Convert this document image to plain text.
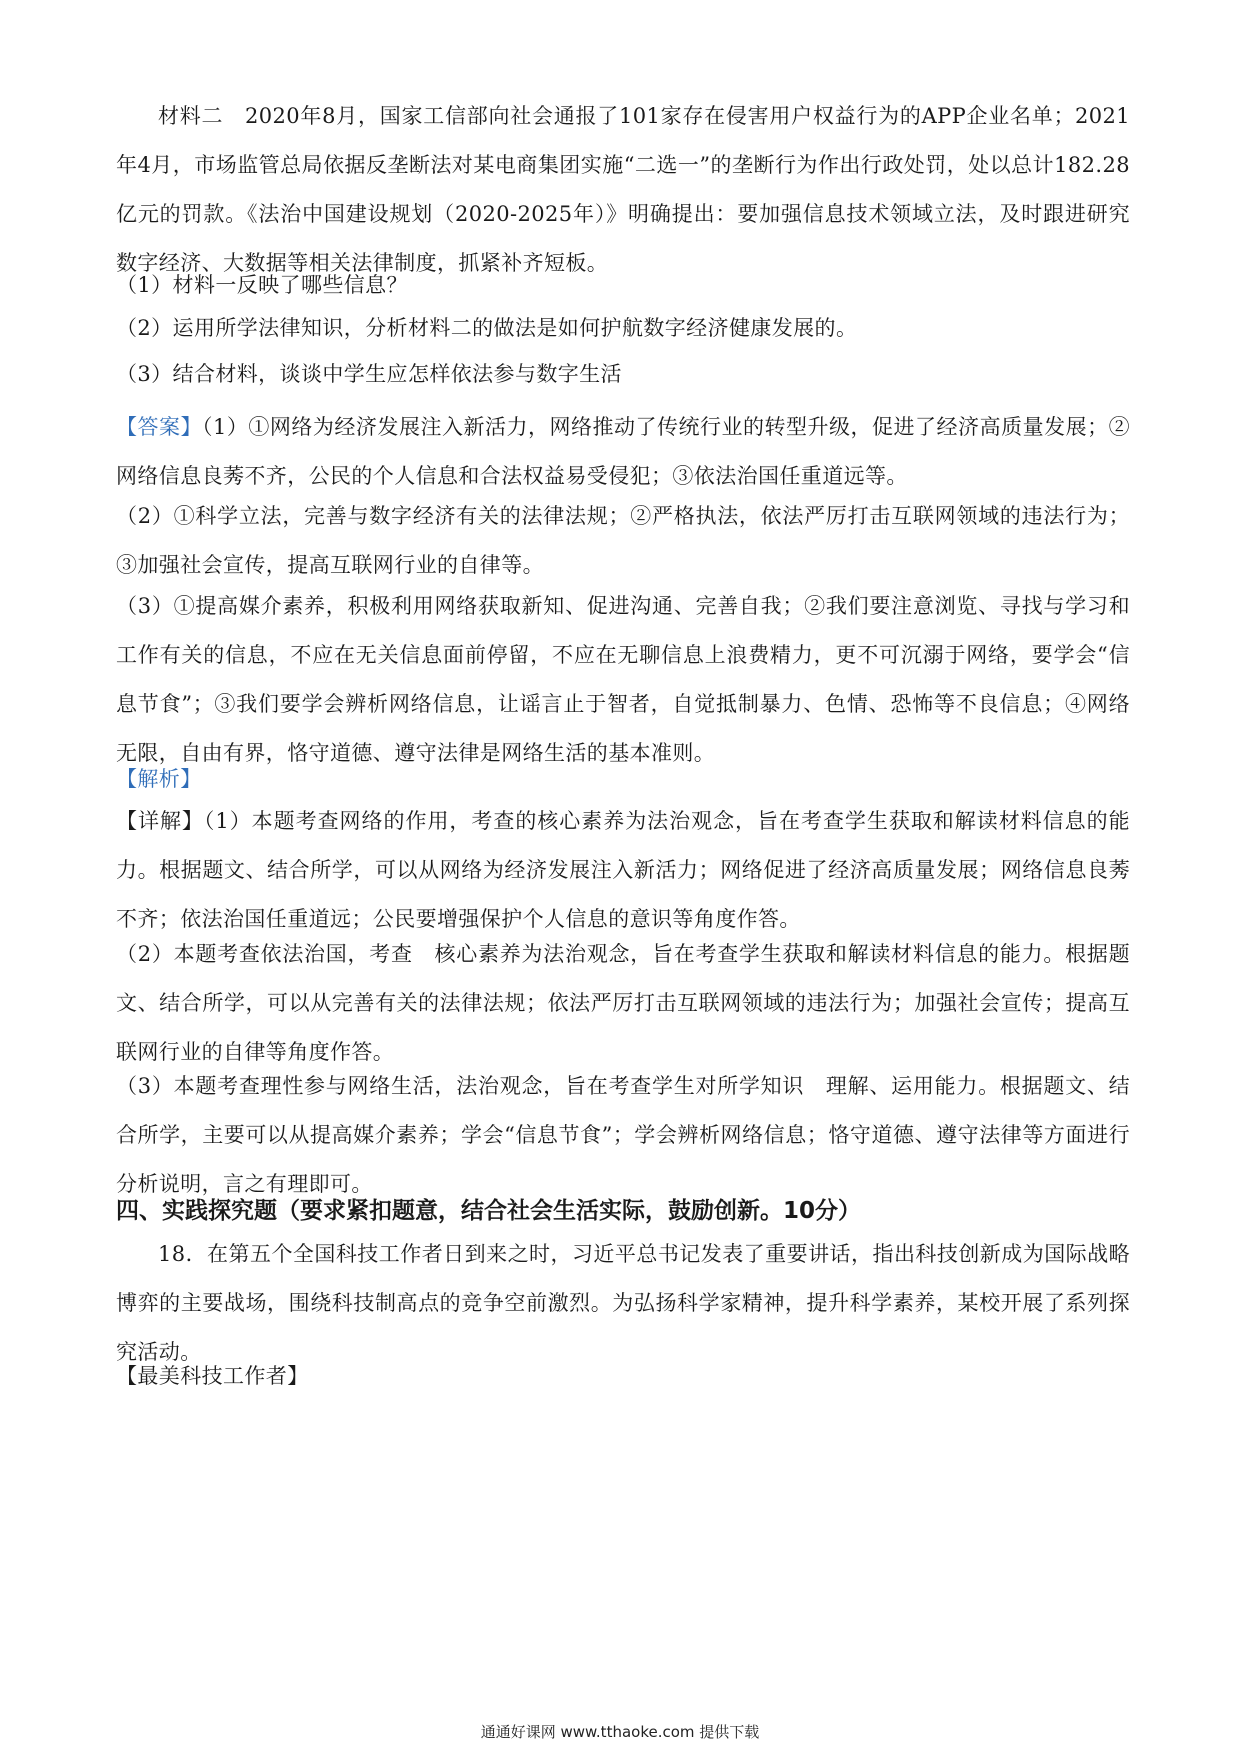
材料二　2020年8月，国家工信部向社会通报了101家存在侵害用户权益行为的APP企业名单；2021年4月，市场监管总局依据反垄断法对某电商集团实施“二选一”的垄断行为作出行政处罚，处以总计182.28亿元的罚款。《法治中国建设规划（2020-2025年）》明确提出：要加强信息技术领域立法，及时跟进研究数字经济、大数据等相关法律制度，抓紧补齐短板。

（1）材料一反映了哪些信息？

（2）运用所学法律知识，分析材料二的做法是如何护航数字经济健康发展的。

（3）结合材料，谈谈中学生应怎样依法参与数字生活

【答案】（1）①网络为经济发展注入新活力，网络推动了传统行业的转型升级，促进了经济高质量发展；②网络信息良莠不齐，公民的个人信息和合法权益易受侵犯；③依法治国任重道远等。

（2）①科学立法，完善与数字经济有关的法律法规；②严格执法，依法严厉打击互联网领域的违法行为；③加强社会宣传，提高互联网行业的自律等。

（3）①提高媒介素养，积极利用网络获取新知、促进沟通、完善自我；②我们要注意浏览、寻找与学习和工作有关的信息，不应在无关信息面前停留，不应在无聊信息上浪费精力，更不可沉溺于网络，要学会“信息节食”；③我们要学会辨析网络信息，让谣言止于智者，自觉抵制暴力、色情、恐怖等不良信息；④网络无限，自由有界，恪守道德、遵守法律是网络生活的基本准则。

【解析】

【详解】（1）本题考查网络的作用，考查的核心素养为法治观念，旨在考查学生获取和解读材料信息的能力。根据题文、结合所学，可以从网络为经济发展注入新活力；网络促进了经济高质量发展；网络信息良莠不齐；依法治国任重道远；公民要增强保护个人信息的意识等角度作答。

（2）本题考查依法治国，考查　核心素养为法治观念，旨在考查学生获取和解读材料信息的能力。根据题文、结合所学，可以从完善有关的法律法规；依法严厉打击互联网领域的违法行为；加强社会宣传；提高互联网行业的自律等角度作答。

（3）本题考查理性参与网络生活，法治观念，旨在考查学生对所学知识　理解、运用能力。根据题文、结合所学，主要可以从提高媒介素养；学会“信息节食”；学会辨析网络信息；恪守道德、遵守法律等方面进行分析说明，言之有理即可。

四、实践探究题（要求紧扣题意，结合社会生活实际，鼓励创新。10分）

18．在第五个全国科技工作者日到来之时，习近平总书记发表了重要讲话，指出科技创新成为国际战略博弈的主要战场，围绕科技制高点的竞争空前激烈。为弘扬科学家精神，提升科学素养，某校开展了系列探究活动。

【最美科技工作者】

通通好课网 www.tthaoke.com 提供下载
